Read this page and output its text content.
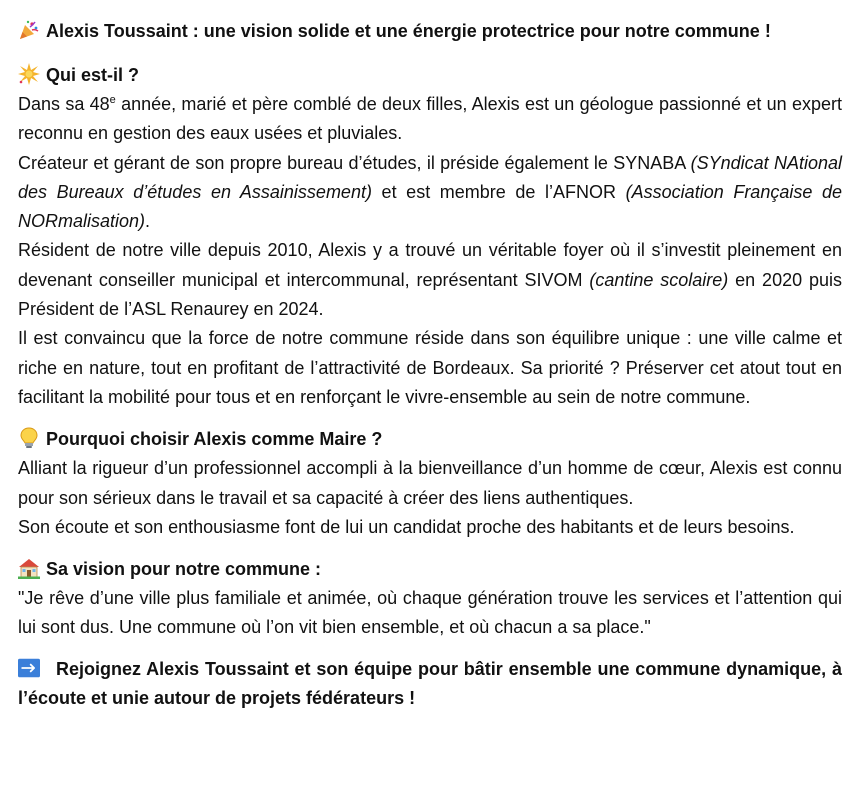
Alexis Toussaint : une vision solide et une énergie protectrice pour notre commune !
Qui est-il ?

Dans sa 48e année, marié et père comblé de deux filles, Alexis est un géologue passionné et un expert reconnu en gestion des eaux usées et pluviales.

Créateur et gérant de son propre bureau d’études, il préside également le SYNABA (SYndicat NAtional des Bureaux d’études en Assainissement) et est membre de l’AFNOR (Association Française de NORmalisation).

Résident de notre ville depuis 2010, Alexis y a trouvé un véritable foyer où il s’investit pleinement en devenant conseiller municipal et intercommunal, représentant SIVOM (cantine scolaire) en 2020 puis Président de l’ASL Renaurey en 2024.

Il est convaincu que la force de notre commune réside dans son équilibre unique : une ville calme et riche en nature, tout en profitant de l’attractivité de Bordeaux. Sa priorité ? Préserver cet atout tout en facilitant la mobilité pour tous et en renforçant le vivre-ensemble au sein de notre commune.

Pourquoi choisir Alexis comme Maire ?

Alliant la rigueur d’un professionnel accompli à la bienveillance d’un homme de cœur, Alexis est connu pour son sérieux dans le travail et sa capacité à créer des liens authentiques.

Son écoute et son enthousiasme font de lui un candidat proche des habitants et de leurs besoins.

Sa vision pour notre commune :

"Je rêve d’une ville plus familiale et animée, où chaque génération trouve les services et l’attention qui lui sont dus. Une commune où l’on vit bien ensemble, et où chacun a sa place."

Rejoignez Alexis Toussaint et son équipe pour bâtir ensemble une commune dynamique, à l’écoute et unie autour de projets fédérateurs !
